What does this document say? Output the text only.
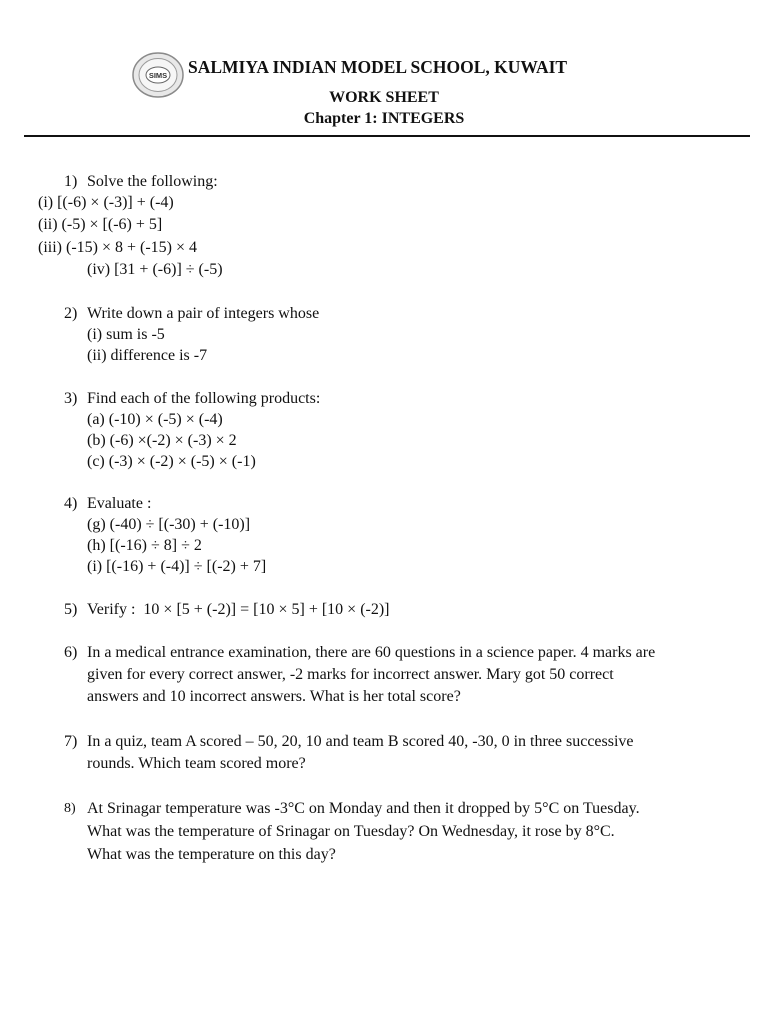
SIMS SALMIYA INDIAN MODEL SCHOOL, KUWAIT
WORK SHEET
Chapter 1: INTEGERS
1) Solve the following:
(i) [(-6) × (-3)] + (-4)
(ii) (-5) × [(-6) + 5]
(iii) (-15) × 8 + (-15) × 4
(iv) [31 + (-6)] ÷ (-5)
2) Write down a pair of integers whose
(i) sum is -5
(ii) difference is -7
3) Find each of the following products:
(a) (-10) × (-5) × (-4)
(b) (-6) ×(-2) × (-3) × 2
(c) (-3) × (-2) × (-5) × (-1)
4) Evaluate :
(g) (-40) ÷ [(-30) + (-10)]
(h) [(-16) ÷ 8] ÷ 2
(i) [(-16) + (-4)] ÷ [(-2) + 7]
5) Verify :  10 × [5 + (-2)] = [10 × 5] + [10 × (-2)]
6) In a medical entrance examination, there are 60 questions in a science paper. 4 marks are
given for every correct answer, -2 marks for incorrect answer. Mary got 50 correct
answers and 10 incorrect answers. What is her total score?
7) In a quiz, team A scored – 50, 20, 10 and team B scored 40, -30, 0 in three successive
rounds. Which team scored more?
8) At Srinagar temperature was -3°C on Monday and then it dropped by 5°C on Tuesday.
What was the temperature of Srinagar on Tuesday? On Wednesday, it rose by 8°C.
What was the temperature on this day?
